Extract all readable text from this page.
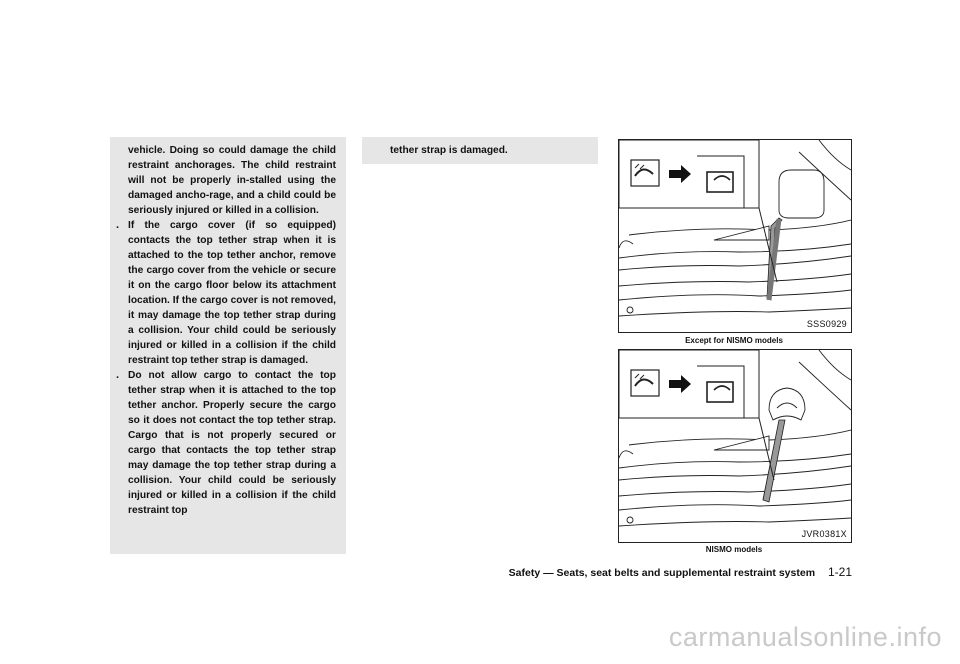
vehicle. Doing so could damage the child restraint anchorages. The child restraint will not be properly in-stalled using the damaged ancho-rage, and a child could be seriously injured or killed in a collision.

. If the cargo cover (if so equipped) contacts the top tether strap when it is attached to the top tether anchor, remove the cargo cover from the vehicle or secure it on the cargo floor below its attachment location. If the cargo cover is not removed, it may damage the top tether strap during a collision. Your child could be seriously injured or killed in a collision if the child restraint top tether strap is damaged.

. Do not allow cargo to contact the top tether strap when it is attached to the top tether anchor. Properly secure the cargo so it does not contact the top tether strap. Cargo that is not properly secured or cargo that contacts the top tether strap may damage the top tether strap during a collision. Your child could be seriously injured or killed in a collision if the child restraint top

tether strap is damaged.
SSS0929
Except for NISMO models
JVR0381X
NISMO models
Safety — Seats, seat belts and supplemental restraint system 1-21
carmanualsonline.info
